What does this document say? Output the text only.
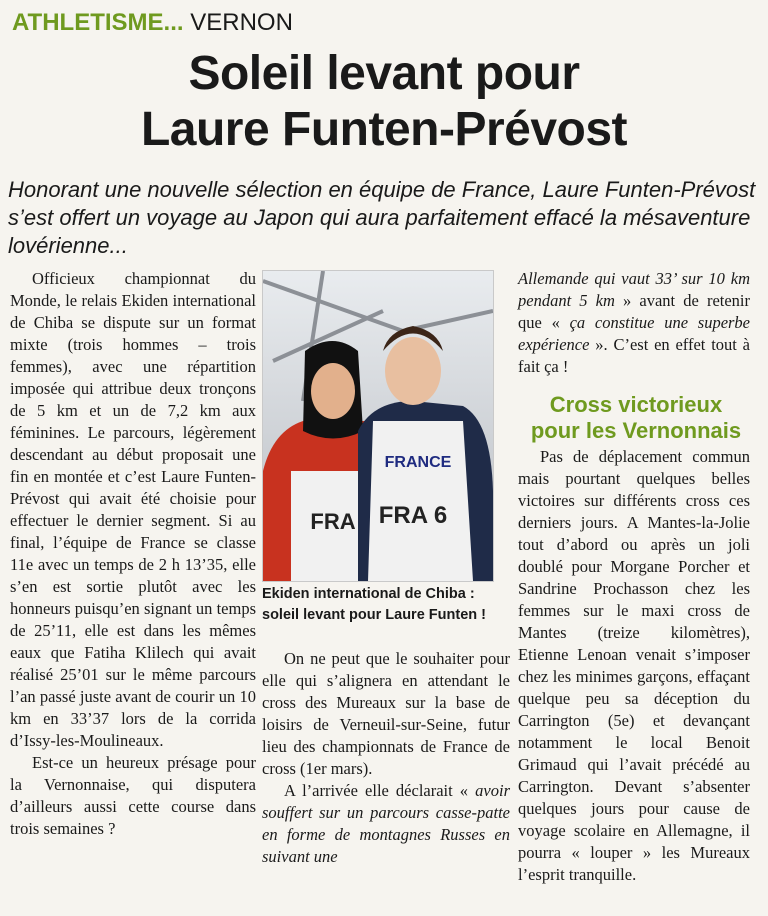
ATHLETISME... VERNON
Soleil levant pour
Laure Funten-Prévost
Honorant une nouvelle sélection en équipe de France, Laure Funten-Prévost s’est offert un voyage au Japon qui aura parfaitement effacé la mésaventure lovérienne...

Officieux championnat du Monde, le relais Ekiden international de Chiba se dispute sur un format mixte (trois hommes – trois femmes), avec une répartition imposée qui attribue deux tronçons de 5 km et un de 7,2 km aux féminines. Le parcours, légèrement descendant au début proposait une fin en montée et c’est Laure Funten-Prévost qui avait été choisie pour effectuer le dernier segment. Si au final, l’équipe de France se classe 11e avec un temps de 2 h 13’35, elle s’en est sortie plutôt avec les honneurs puisqu’en signant un temps de 25’11, elle est dans les mêmes eaux que Fatiha Klilech qui avait réalisé 25’01 sur le même parcours l’an passé juste avant de courir un 10 km en 33’37 lors de la corrida d’Issy-les-Moulineaux.

Est-ce un heureux présage pour la Vernonnaise, qui disputera d’ailleurs aussi cette course dans trois semaines ?

FRA
FRANCE
FRA 6
Ekiden international de Chiba : soleil levant pour Laure Funten !

On ne peut que le souhaiter pour elle qui s’alignera en attendant le cross des Mureaux sur la base de loisirs de Verneuil-sur-Seine, futur lieu des championnats de France de cross (1er mars).

A l’arrivée elle déclarait « avoir souffert sur un parcours casse-patte en forme de montagnes Russes en suivant une

Allemande qui vaut 33’ sur 10 km pendant 5 km » avant de retenir que « ça constitue une superbe expérience ». C’est en effet tout à fait ça !

Cross victorieux
pour les Vernonnais

Pas de déplacement commun mais pourtant quelques belles victoires sur différents cross ces derniers jours. A Mantes-la-Jolie tout d’abord ou après un joli doublé pour Morgane Porcher et Sandrine Prochasson chez les femmes sur le maxi cross de Mantes (treize kilomètres), Etienne Lenoan venait s’imposer chez les minimes garçons, effaçant quelque peu sa déception du Carrington (5e) et devançant notamment le local Benoit Grimaud qui l’avait précédé au Carrington. Devant s’absenter quelques jours pour cause de voyage scolaire en Allemagne, il pourra « louper » les Mureaux l’esprit tranquille.
